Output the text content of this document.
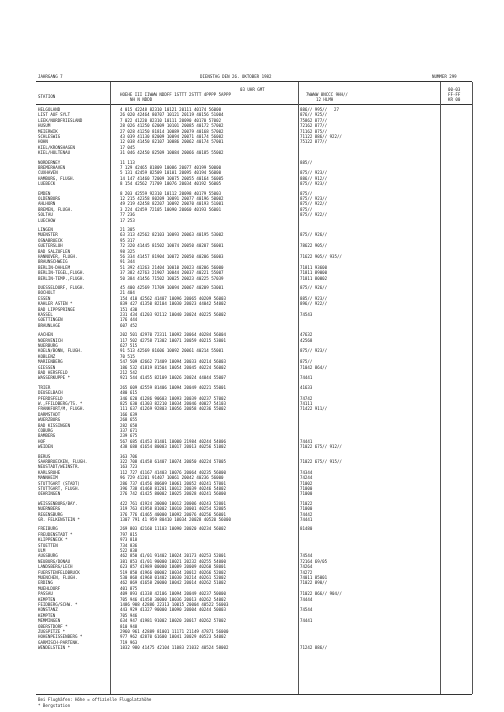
JAHRGANG 7	DIENSTAG DEN 26. OKTOBER 1982	NUMMER 299
03 UHR GMT	00-03
STATION	HOEHE III IIWWW NDDFF 1STTT 2STTT 4PPPP 5APPP
NH N NDDD
7WWWW 8NCCC 9HH//
12 HLMH
FF-FF
KR 00
HELGOLAND	4 015 42248 82310 10121 20111 40174 56000	886// 995// 27
LIST AUF SYLT	26 020 42464 80707 10121 20119 40156 51004	876// 925//
LEEK/NORDFRIESLAND	7 022 41220 82310 10111 20090 40170 57002	75862 877//
HUSUM	28 026 41250 62009 10101 20085 40172 57002	72162 877//
MEIERWIK	27 028 41250 81814 10089 20079 40168 57002	71162 875//
SCHLESWIG	43 039 41130 82009 10094 20071 40174 56002	71122 886// 922//
HOHN	12 038 41450 82107 10086 20062 40174 57001	75122 877//
KIEL/KRONSHAGEN	17 045
KIEL/HOLTENAU	31 046 42450 82509 10084 20066 40185 55002
NORDERNEY	11 113	885//
BREMERHAVEN	7 129 42465 81809 10086 20077 40199 50000
CUXHAVEN	5 131 42459 82509 10101 20095 40194 56000	875// 923//
HAMBURG, FLUGH.	14 147 41460 72009 10075 20055 40164 56005	886// 912//
LUEBECK	8 154 42562 71709 10076 20034 40192 56005	875// 923//
EMDEN	8 203 42559 92310 10112 20098 40179 55003	875//
OLDENBURG	12 215 42358 80209 10091 20077 40196 50002	875// 923//
AHLHORN	49 219 42458 82207 10092 20070 40193 51001	875// 922//
BREMEN, FLUGH.	3 224 42459 72105 10090 20060 40193 56001	875//
SOLTAU	77 236	875// 922//
LUECHOW	17 253
LINGEN	21 305
MUENSTER	63 313 42562 82103 10093 20063 40195 53002	875// 926//
OSNABRUECK	95 317
GUETERSLOH	72 320 41445 81502 10074 20050 40207 56001	78622 905//
BAD SALZUFLEN	98 325
HANNOVER, FLUGH.	56 334 41457 81904 10072 20050 40206 56003	71622 905// 935//
BRAUNSCHWEIG	91 344
BERLIN-DAHLEM	51 392 41263 21404 10010 20023 40206 56000	71811 93600
BERLIN-TEGEL,FLUGH.	37 382 42763 21907 10044 20037 40221 55007	71811 89000
BERLIN-TEMP.,FLUGH.	50 384 41456 71502 10025 20023 40225 57039	71811 80002
DUESSELDORF, FLUGH.	45 400 42569 71709 10094 20067 40209 53001	875// 926//
BOCHOLT	21 404
ESSEN	154 410 42562 41407 10096 20065 40209 56003	885// 923//
KAHLER ASTEN *	839 427 41350 82104 10030 20023 44042 54002	896// 922//
BAD LIPPSPRINGE	151 430
KASSEL	231 434 41203 92112 10040 20024 40225 56002	74543
GOETTINGEN	176 444
BRAUNLAGE	607 452
AACHEN	202 501 42970 72311 10092 20064 40284 56004	47632
NOERVENICH	117 502 42758 71302 10071 20059 40215 53001	42568
NUERBURG	627 515
KOELN/BONN, FLUGH.	91 513 42569 81606 10092 20061 40214 55001	875// 923//
KOBLENZ	70 515
MARIENBERG	547 509 42662 71409 10094 20033 40214 56003	875//
GIESSEN	186 532 41819 81504 10054 20045 40224 56002	71042 864//
BAD HERSFELD	212 542
WASSERKUPPE *	921 544 41455 82109 10026 20024 44044 55007	74441
TRIER	265 609 42559 81406 10094 20049 40221 55001	41633
DEUSELBACH	480 615
PFERDSFELD	346 620 41286 90603 10093 20039 40237 57002	74742
W.,FFILDBERG/TS. *	825 630 41303 82210 10034 20046 40027 54103	74111
FRANKFURT/M, FLUGH.	111 637 41269 92803 10056 20058 40236 55002	71422 911//
DARMSTADT	166 639
WUERZBURG	268 655
BAD KISSINGEN	282 658
COBURG	337 671
BAMBERG	239 675
HOF	567 685 41453 81401 10000 21984 40244 54006	74441
WEIDEN	438 688 41654 80003 10017 20013 40256 51002	71022 675// 912//
BERUS	363 706
SAARBRUECKEN, FLUGH.	322 708 41458 61407 10074 20050 40224 57005	71022 675// 915//
NEUSTADT/WEINSTR.	163 723
KARLSRUHE	112 727 41167 41403 10076 20064 40235 56000	74344
MANNHEIM	96 729 41201 91407 10061 20042 40236 56000	74244
STUTTGART (STADT)	286 737 41456 80609 10061 20052 40241 57001	71002
STUTTGART, FLUGH.	396 738 41468 81201 10012 20039 40246 54002	71000
OEHRINGEN	276 742 41425 80002 10025 20028 40241 56000	71000
WEISSENBURG/BAY.	422 761 41924 30000 10012 20006 40243 52001	71022
NUERNBERG	319 763 41958 81002 10010 20001 40254 52005	71000
REGENSBURG	376 776 41465 40000 10092 20076 40256 56001	74442
GR. FELKENSTEIN *	1307 791 41 959 80410 10034 20028 40520 56000	74441
FREIBURG	269 803 42160 11103 10090 20020 40234 56002	81480
FREUDENSTADT *	797 815
KLIPPENECK *	973 818
STOETTEN	734 836
ULM	522 838
AUGSBURG	462 850 41/01 91402 10024 20173 40253 52001	74544
NEUBURG/DONAU	381 853 41/01 90000 10021 20232 40255 54000	72164 69/05
LANDSBERG/LECH	623 857 41989 00000 10089 20009 40260 58001	74264
FUERSTENFELDBRUCK	519 858 41966 00002 10034 20012 40266 52002	74272
MUENCHEN, FLUGH.	530 868 41968 01402 10030 20214 40261 52002	74011 85001
ERDING	462 869 41658 20000 10042 20014 40262 51002	71022 890//
MUEHLDORF	401 875
PASSAU	409 893 41338 42106 10094 20049 40237 50000	71022 866// 904//
KEMPTEN	705 946 41458 30000 10036 20013 40262 54002	74444
FEIDBERG/SCHW. *	1486 908 42886 22313 10015 20004 40522 56003
KONSTANZ	443 929 41327 90000 10090 20004 40244 50003	74544
KEMPTEN	705 946
MEMMINGEN	634 947 41981 91002 10020 20017 40262 57002	74441
OBERSTDORF *	810 948
ZUGSPITZE *	2960 961 42889 81001 11171 21149 47871 56000
HOHENPEISSENBERG *	977 962 42870 61600 10041 20029 40523 54002
GARMISCH-PARTENK.	719 963
WENDELSTEIN *	1832 980 41475 42104 11083 21032 40524 58002	71242 886//
Bei Flughäfen: Höhe = offizielle Flugplatzhöhe
* Bergstation
